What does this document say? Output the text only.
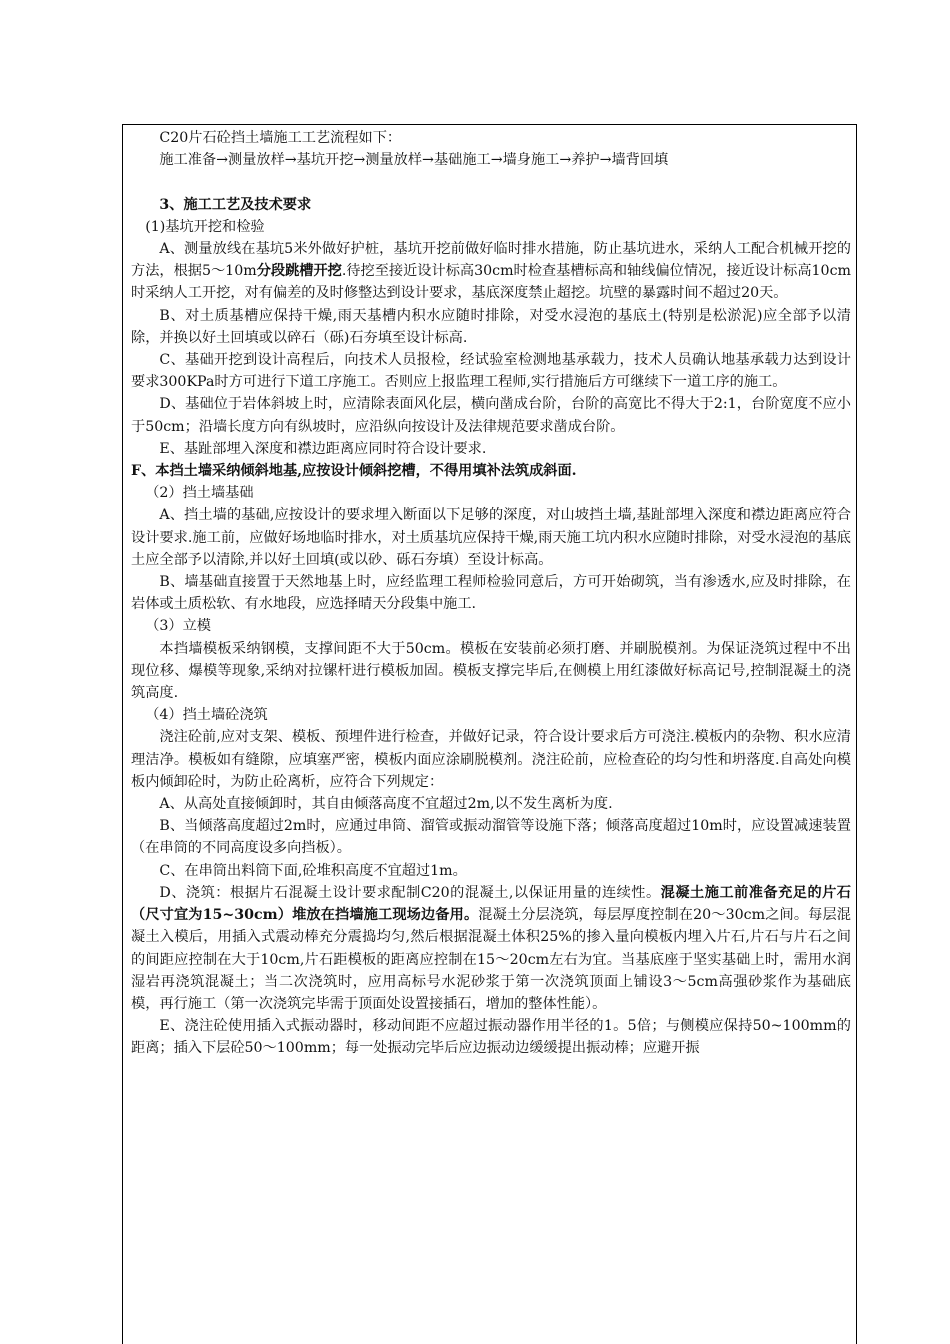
C20片石砼挡土墙施工工艺流程如下：

施工准备→测量放样→基坑开挖→测量放样→基础施工→墙身施工→养护→墙背回填

3、施工工艺及技术要求

(1)基坑开挖和检验

A、测量放线在基坑5米外做好护桩，基坑开挖前做好临时排水措施，防止基坑进水，采纳人工配合机械开挖的方法，根据5～10m分段跳槽开挖.待挖至接近设计标高30cm时检查基槽标高和轴线偏位情况，接近设计标高10cm时采纳人工开挖，对有偏差的及时修整达到设计要求，基底深度禁止超挖。坑壁的暴露时间不超过20天。

B、对土质基槽应保持干燥,雨天基槽内积水应随时排除，对受水浸泡的基底土(特别是松淤泥)应全部予以清除，并换以好土回填或以碎石（砾)石夯填至设计标高.

C、基础开挖到设计高程后，向技术人员报检，经试验室检测地基承载力，技术人员确认地基承载力达到设计要求300KPa时方可进行下道工序施工。否则应上报监理工程师,实行措施后方可继续下一道工序的施工。

D、基础位于岩体斜坡上时，应清除表面风化层，横向凿成台阶，台阶的高宽比不得大于2:1，台阶宽度不应小于50cm；沿墙长度方向有纵坡时，应沿纵向按设计及法律规范要求凿成台阶。

E、基趾部埋入深度和襟边距离应同时符合设计要求.

F、本挡土墙采纳倾斜地基,应按设计倾斜挖槽，不得用填补法筑成斜面.

（2）挡土墙基础

A、挡土墙的基础,应按设计的要求埋入断面以下足够的深度，对山坡挡土墙,基趾部埋入深度和襟边距离应符合设计要求.施工前，应做好场地临时排水，对土质基坑应保持干燥,雨天施工坑内积水应随时排除，对受水浸泡的基底土应全部予以清除,并以好土回填(或以砂、砾石夯填）至设计标高。

B、墙基础直接置于天然地基上时，应经监理工程师检验同意后，方可开始砌筑，当有渗透水,应及时排除，在岩体或土质松软、有水地段，应选择晴天分段集中施工.

（3）立模

本挡墙模板采纳钢模，支撑间距不大于50cm。模板在安装前必须打磨、并刷脱模剂。为保证浇筑过程中不出现位移、爆模等现象,采纳对拉镙杆进行模板加固。模板支撑完毕后,在侧模上用红漆做好标高记号,控制混凝土的浇筑高度.

（4）挡土墙砼浇筑

浇注砼前,应对支架、模板、预埋件进行检查，并做好记录，符合设计要求后方可浇注.模板内的杂物、积水应清理洁净。模板如有缝隙，应填塞严密，模板内面应涂刷脱模剂。浇注砼前，应检查砼的均匀性和坍落度.自高处向模板内倾卸砼时，为防止砼离析，应符合下列规定：

A、从高处直接倾卸时，其自由倾落高度不宜超过2m,以不发生离析为度.

B、当倾落高度超过2m时，应通过串筒、溜管或振动溜管等设施下落；倾落高度超过10m时，应设置减速装置（在串筒的不同高度设多向挡板）。

C、在串筒出料筒下面,砼堆积高度不宜超过1m。

D、浇筑：根据片石混凝土设计要求配制C20的混凝土,以保证用量的连续性。混凝土施工前准备充足的片石（尺寸宜为15~30cm）堆放在挡墙施工现场边备用。混凝土分层浇筑，每层厚度控制在20～30cm之间。每层混凝土入模后，用插入式震动棒充分震捣均匀,然后根据混凝土体积25%的掺入量向模板内埋入片石,片石与片石之间的间距应控制在大于10cm,片石距模板的距离应控制在15～20cm左右为宜。当基底座于坚实基础上时，需用水润湿岩再浇筑混凝土；当二次浇筑时，应用高标号水泥砂浆于第一次浇筑顶面上铺设3～5cm高强砂浆作为基础底模，再行施工（第一次浇筑完毕需于顶面处设置接插石，增加的整体性能）。

E、浇注砼使用插入式振动器时，移动间距不应超过振动器作用半径的1。5倍；与侧模应保持50~100mm的距离；插入下层砼50～100mm；每一处振动完毕后应边振动边缓缓提出振动棒；应避开振
